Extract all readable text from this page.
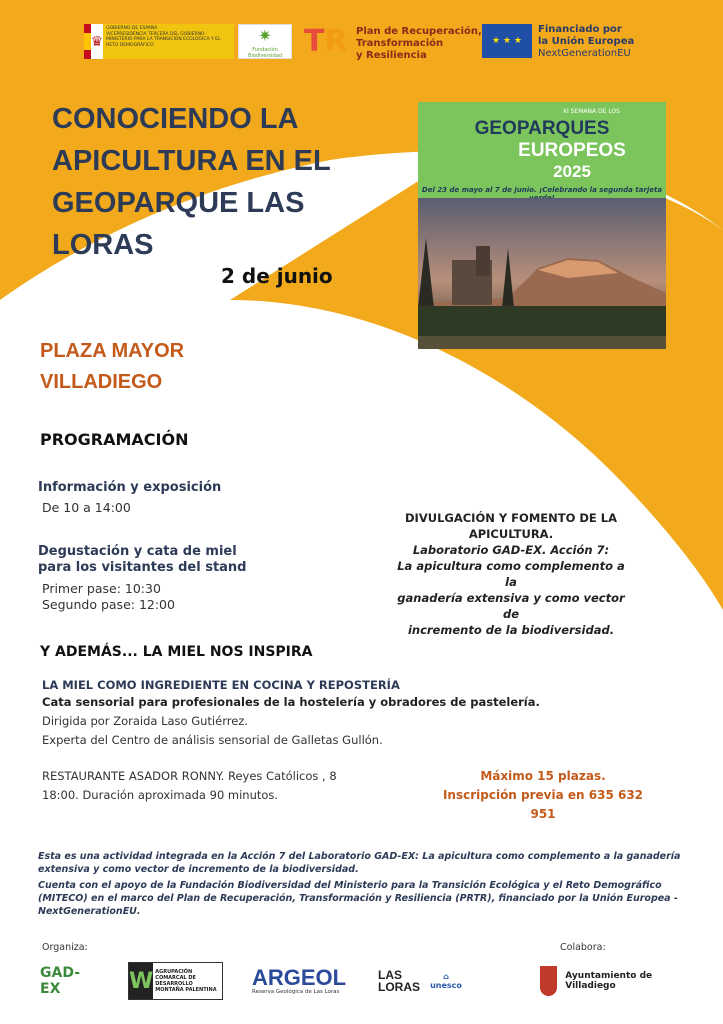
♛
GOBIERNO DE ESPAÑA
VICEPRESIDENCIA TERCERA DEL GOBIERNO · MINISTERIO PARA LA TRANSICIÓN ECOLÓGICA Y EL RETO DEMOGRÁFICO	✷
Fundación Biodiversidad TR Plan de Recuperación,
Transformación
y Resiliencia
★ ★ ★
Financiado por
la Unión Europea
NextGenerationEU
CONOCIENDO LA
APICULTURA EN EL
GEOPARQUE LAS
LORAS
2 de junio
XI SEMANA DE LOS
GEOPARQUES
EUROPEOS
2025
Del 23 de mayo al 7 de junio. ¡Celebrando la segunda tarjeta
PLAZA MAYOR
VILLADIEGO
PROGRAMACIÓN
Información y exposición
De 10 a 14:00
Degustación y cata de miel
para los visitantes del stand
Primer pase: 10:30
Segundo pase: 12:00
DIVULGACIÓN Y FOMENTO DE LA
APICULTURA.
Laboratorio GAD-EX. Acción 7:
La apicultura como complemento a la
ganadería extensiva y como vector de
incremento de la biodiversidad.
Y ADEMÁS... LA MIEL NOS INSPIRA
LA MIEL COMO INGREDIENTE EN COCINA Y REPOSTERÍA
Cata sensorial para profesionales de la hostelería y obradores de pastelería.
Dirigida por Zoraida Laso Gutiérrez.
Experta del Centro de análisis sensorial de Galletas Gullón.
RESTAURANTE ASADOR RONNY. Reyes Católicos , 8
18:00. Duración aproximada 90 minutos.
Máximo 15 plazas.
Inscripción previa en 635 632 951

Esta es una actividad integrada en la Acción 7 del Laboratorio GAD-EX: La apicultura como complemento a la ganadería extensiva y como vector de incremento de la biodiversidad.

Cuenta con el apoyo de la Fundación Biodiversidad del Ministerio para la Transición Ecológica y el Reto Demográfico (MITECO) en el marco del Plan de Recuperación, Transformación y Resiliencia (PRTR), financiado por la Unión Europea - NextGenerationEU.

Organiza:	Colabora:
GAD-EX	W AGRUPACIÓN COMARCAL DE DESARROLLO MONTAÑA PALENTINA ARGEOL
Reserva Geológica de Las Loras
LAS
LORAS
⌂
unesco
Ayuntamiento de Villadiego
